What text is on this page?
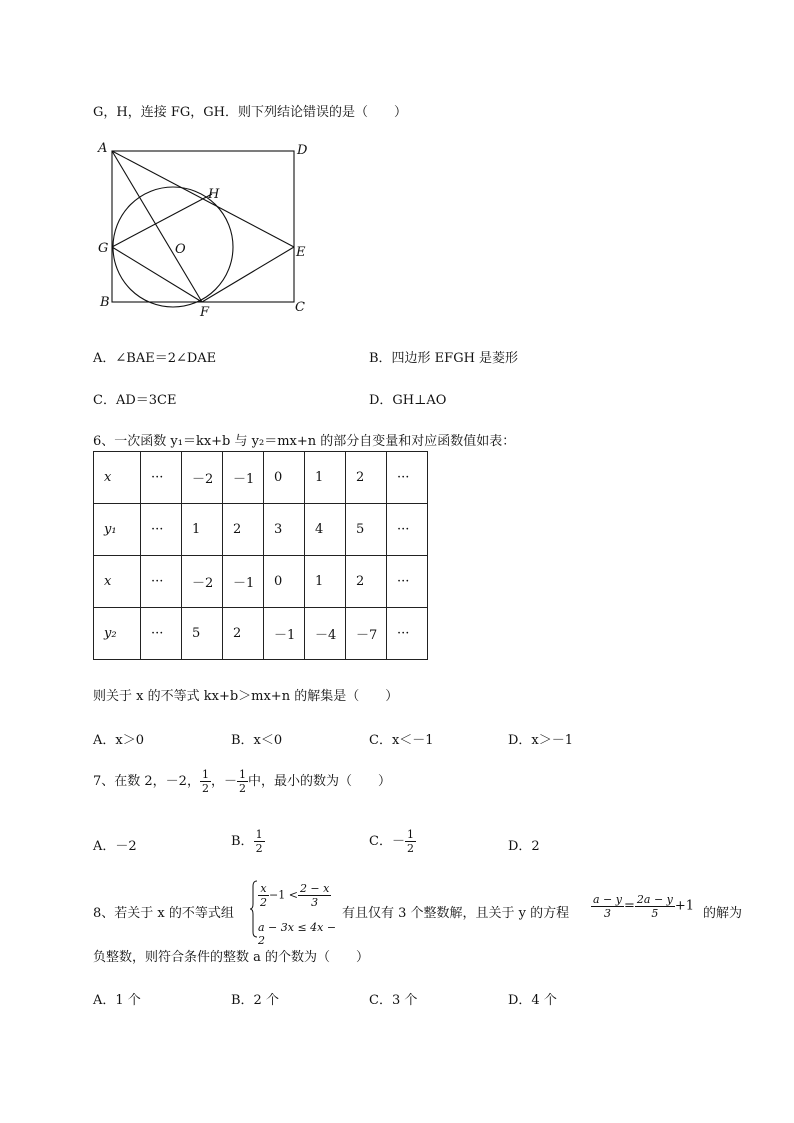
G，H，连接 FG，GH．则下列结论错误的是（　　）
A	D
H
G	O	E
B
F	C
A．∠BAE＝2∠DAE	B．四边形 EFGH 是菱形
C．AD＝3CE	D．GH⊥AO
6、一次函数 y₁＝kx+b 与 y₂＝mx+n 的部分自变量和对应函数值如表：
x	···	－2	－1	0	1	2	···
y₁	···	1	2	3	4	5	···
x	···	－2	－1	0	1	2	···
y₂	···	5	2	－1	－4	－7	···
则关于 x 的不等式 kx+b＞mx+n 的解集是（　　）
A．x＞0	B．x＜0	C．x＜－1	D．x＞－1
7、在数 2，－2， $\frac{1}{2}$ ，－ $\frac{1}{2}$ 中，最小的数为（　　）
A．－2	B． $\frac{1}{2}$	C．－ $\frac{1}{2}$	D．2
8、若关于 x 的不等式组
$\frac{x}{2} -1 < \frac{2 - x}{3}$
a − 3x ≤ 4x − 2
有且仅有 3 个整数解，且关于 y 的方程 $\frac{a - y}{3} = \frac{2a - y}{5} +1$ 的解为
负整数，则符合条件的整数 a 的个数为（　　）
A．1 个	B．2 个	C．3 个	D．4 个
